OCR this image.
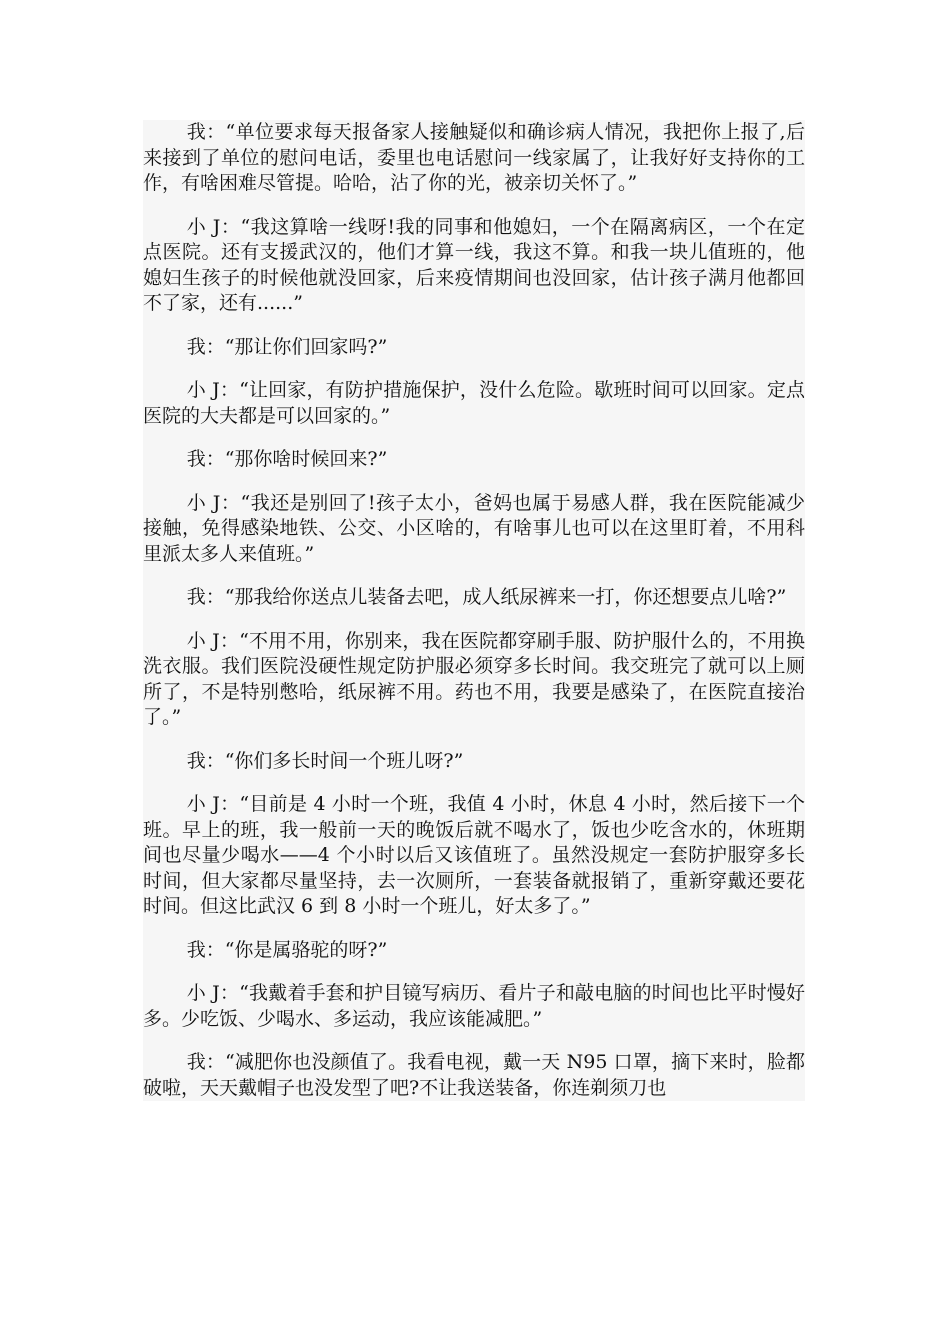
我：“单位要求每天报备家人接触疑似和确诊病人情况，我把你上报了,后来接到了单位的慰问电话，委里也电话慰问一线家属了，让我好好支持你的工作，有啥困难尽管提。哈哈，沾了你的光，被亲切关怀了。”

小 J：“我这算啥一线呀!我的同事和他媳妇，一个在隔离病区，一个在定点医院。还有支援武汉的，他们才算一线，我这不算。和我一块儿值班的，他媳妇生孩子的时候他就没回家，后来疫情期间也没回家，估计孩子满月他都回不了家，还有......”

我：“那让你们回家吗?”

小 J：“让回家，有防护措施保护，没什么危险。歇班时间可以回家。定点医院的大夫都是可以回家的。”

我：“那你啥时候回来?”

小 J：“我还是别回了!孩子太小，爸妈也属于易感人群，我在医院能减少接触，免得感染地铁、公交、小区啥的，有啥事儿也可以在这里盯着，不用科里派太多人来值班。”

我：“那我给你送点儿装备去吧，成人纸尿裤来一打，你还想要点儿啥?”

小 J：“不用不用，你别来，我在医院都穿刷手服、防护服什么的，不用换洗衣服。我们医院没硬性规定防护服必须穿多长时间。我交班完了就可以上厕所了，不是特别憋哈，纸尿裤不用。药也不用，我要是感染了，在医院直接治了。”

我：“你们多长时间一个班儿呀?”

小 J：“目前是 4 小时一个班，我值 4 小时，休息 4 小时，然后接下一个班。早上的班，我一般前一天的晚饭后就不喝水了，饭也少吃含水的，休班期间也尽量少喝水——4 个小时以后又该值班了。虽然没规定一套防护服穿多长时间，但大家都尽量坚持，去一次厕所，一套装备就报销了，重新穿戴还要花时间。但这比武汉 6 到 8 小时一个班儿，好太多了。”

我：“你是属骆驼的呀?”

小 J：“我戴着手套和护目镜写病历、看片子和敲电脑的时间也比平时慢好多。少吃饭、少喝水、多运动，我应该能减肥。”

我：“减肥你也没颜值了。我看电视，戴一天 N95 口罩，摘下来时，脸都破啦，天天戴帽子也没发型了吧?不让我送装备，你连剃须刀也
